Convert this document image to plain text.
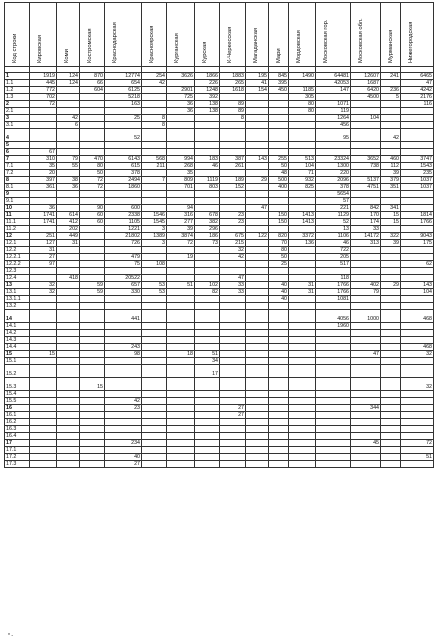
Код строки	Кировская	Коми	Костромская	Краснодарская	Красноярская	Курганская	Курская	К-Черкесская	Магаданская	Мари	Мордовская	Московская гор.	Московская обл.	Мурманская	Нижегородская

1	1919	124	870	12774	254	3626	1866	1883	195	845	1490	64481	12607	241	6465
1.1	445	124	66	654	42		226	265	41	395		42053	1687		47
1.2	772		604	6125		2901	1248	1618	154	450	1185	147	6420	236	4242
1.3	702			5218		725	392				305		4500	5	2176
2	72			163		36	138	89			80	1071			116
2.1						36	138	89			80	119			
3		42		25	8			8				1264	104		
3.1		6			8							456			
4				52								95		42	
5															
6	67														
7	310	79	470	6143	568	994	183	387	143	255	513	23324	3652	460	3747
7.1	35	55	80	615	211	268	46	261		50	104	1300	738	112	1543
7.2	20		50	378		35				48	71	220		39	235
8	397	38	72	2494	7	809	1119	189	29	500	932	2096	5137	379	1037
8.1	361	36	72	1860		701	803	152		400	825	378	4751	351	1037
9												5654			
9.1												57			
10	36		90	600		94			47			221	842	341	
11	1741	614	60	2338	1546	316	678	23		150	1413	1129	170	15	1814
11.1	1741	412	60	1105	1545	277	382	23		150	1413	52	174	15	1766
11.2		202		1221	3	39	296					13	33		
12	251	449		21802	1389	3874	186	675	122	820	3372	1106	14172	322	9043
12.1	127	31		726	3	72	73	215		70	136	46	313	39	175
12.2	31							32		80		722			
12.2.1	27			479		19		42		50		205			
12.2.2	97			75	108					25		517			62
12.3															
12.4		418		20522				47				118			
13	32		59	657	53	51	102	33		40	31	1766	402	29	143
13.1	32		59	330	53		82	33		40	31	1766	79		104
13.1.1										40		1081			
13.2															
14				441								4056	1000		468
14.1												1960			
14.2															
14.3															
14.4				243											468
15	15			98		18	51						47		32
15.1							34								
15.2							17								
15.3			15												32
15.4															
15.5				42											
16				23				27					344		
16.1								27							
16.2															
16.3															
16.4															
17				234									45		72
17.1															
17.2				40											51
17.3				27											
* -
